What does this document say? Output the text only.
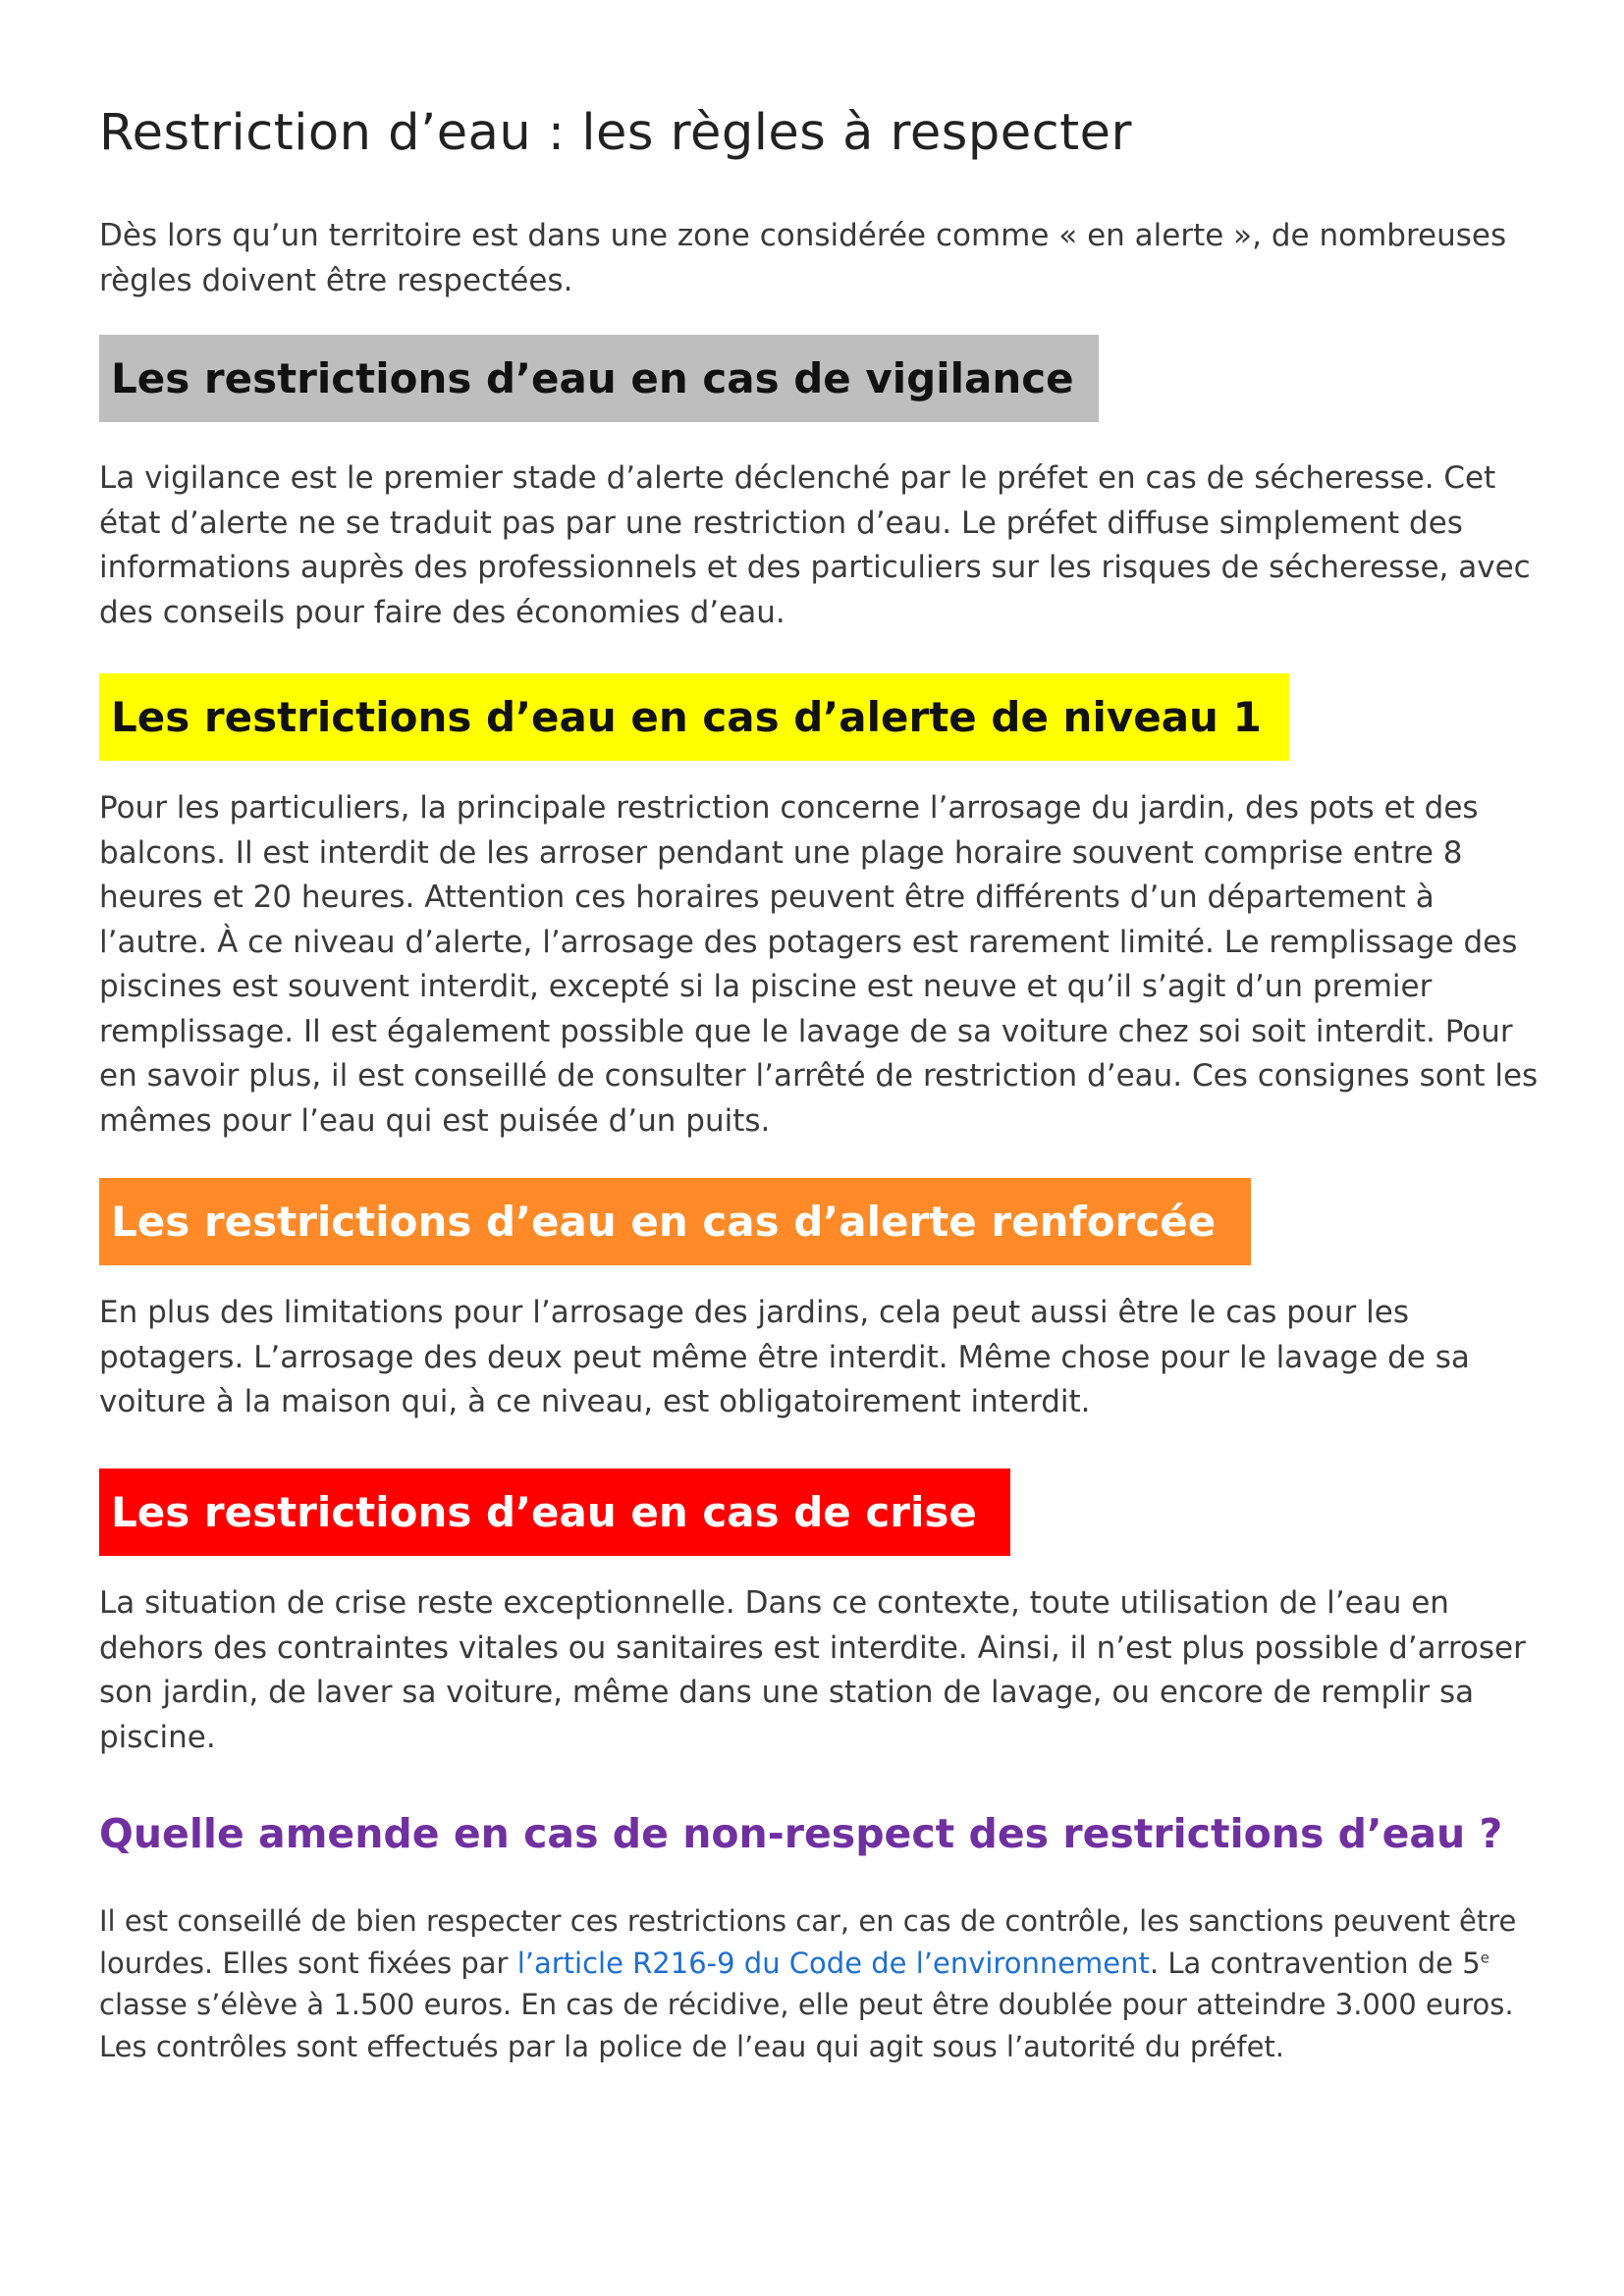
Restriction d’eau : les règles à respecter

Dès lors qu’un territoire est dans une zone considérée comme « en alerte », de nombreuses règles doivent être respectées.

Les restrictions d’eau en cas de vigilance

La vigilance est le premier stade d’alerte déclenché par le préfet en cas de sécheresse. Cet état d’alerte ne se traduit pas par une restriction d’eau. Le préfet diffuse simplement des informations auprès des professionnels et des particuliers sur les risques de sécheresse, avec des conseils pour faire des économies d’eau.

Les restrictions d’eau en cas d’alerte de niveau 1

Pour les particuliers, la principale restriction concerne l’arrosage du jardin, des pots et des balcons. Il est interdit de les arroser pendant une plage horaire souvent comprise entre 8 heures et 20 heures. Attention ces horaires peuvent être différents d’un département à l’autre. À ce niveau d’alerte, l’arrosage des potagers est rarement limité. Le remplissage des piscines est souvent interdit, excepté si la piscine est neuve et qu’il s’agit d’un premier remplissage. Il est également possible que le lavage de sa voiture chez soi soit interdit. Pour en savoir plus, il est conseillé de consulter l’arrêté de restriction d’eau. Ces consignes sont les mêmes pour l’eau qui est puisée d’un puits.

Les restrictions d’eau en cas d’alerte renforcée

En plus des limitations pour l’arrosage des jardins, cela peut aussi être le cas pour les potagers. L’arrosage des deux peut même être interdit. Même chose pour le lavage de sa voiture à la maison qui, à ce niveau, est obligatoirement interdit.

Les restrictions d’eau en cas de crise

La situation de crise reste exceptionnelle. Dans ce contexte, toute utilisation de l’eau en dehors des contraintes vitales ou sanitaires est interdite. Ainsi, il n’est plus possible d’arroser son jardin, de laver sa voiture, même dans une station de lavage, ou encore de remplir sa piscine.

Quelle amende en cas de non-respect des restrictions d’eau ?

Il est conseillé de bien respecter ces restrictions car, en cas de contrôle, les sanctions peuvent être lourdes. Elles sont fixées par l’article R216-9 du Code de l’environnement. La contravention de 5e classe s’élève à 1.500 euros. En cas de récidive, elle peut être doublée pour atteindre 3.000 euros. Les contrôles sont effectués par la police de l’eau qui agit sous l’autorité du préfet.
